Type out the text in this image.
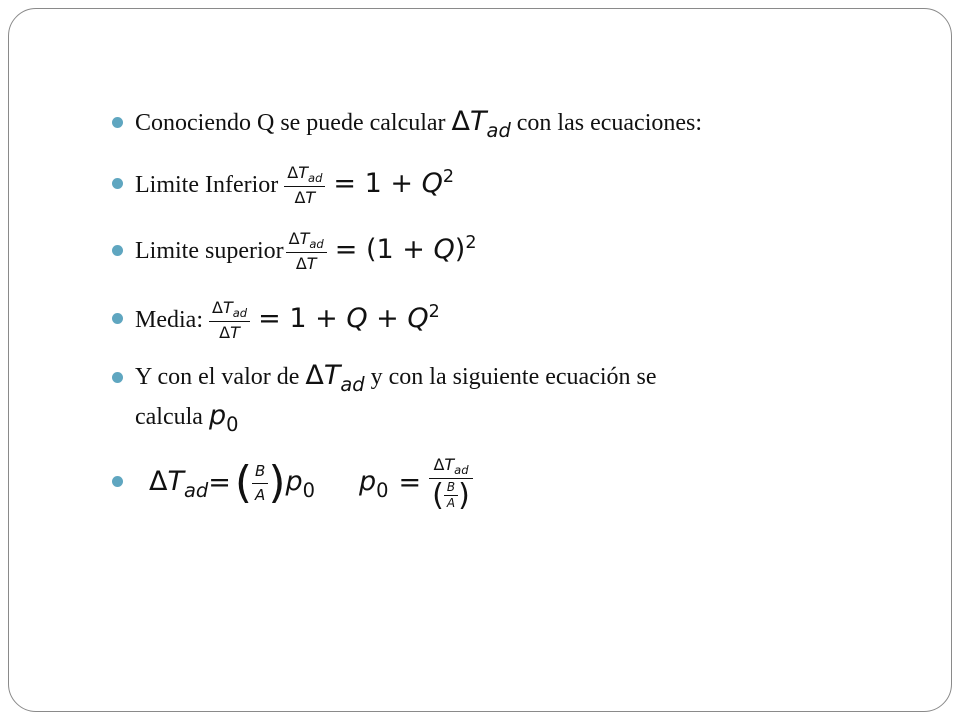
Conociendo Q se puede calcular $\Delta T_{ad}$ con las ecuaciones:
Limite Inferior $\frac{\Delta T_{ad}}{\Delta T} = 1 + Q^2$
Limite superior $\frac{\Delta T_{ad}}{\Delta T} = (1 + Q)^2$
Media: $\frac{\Delta T_{ad}}{\Delta T} = 1 + Q + Q^2$
Y con el valor de $\Delta T_{ad}$ y con la siguiente ecuación se
calcula $p_0$
$\Delta T_{ad}$ = ( $\frac{B}{A}$ ) $p_0$ $p_0$ =
$\Delta T_{ad}$
( $\frac{B}{A}$ )
